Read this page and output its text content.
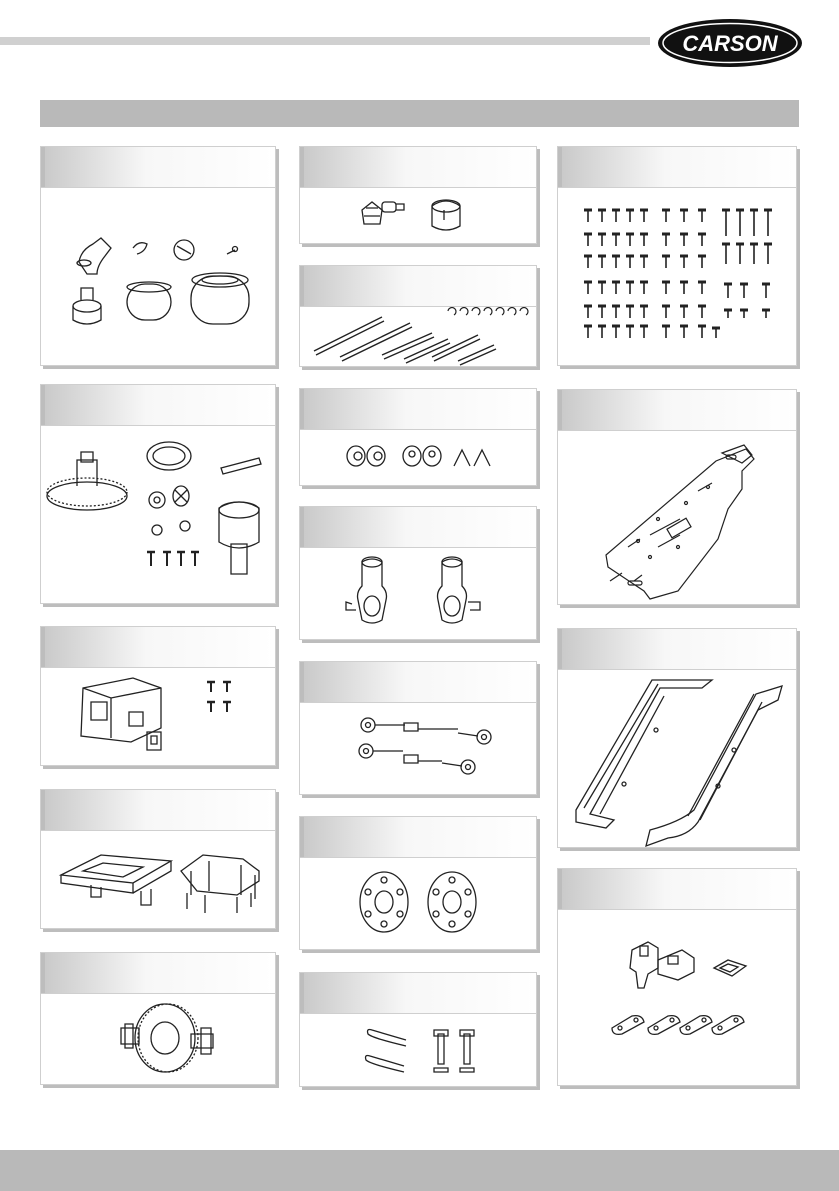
CARSON
